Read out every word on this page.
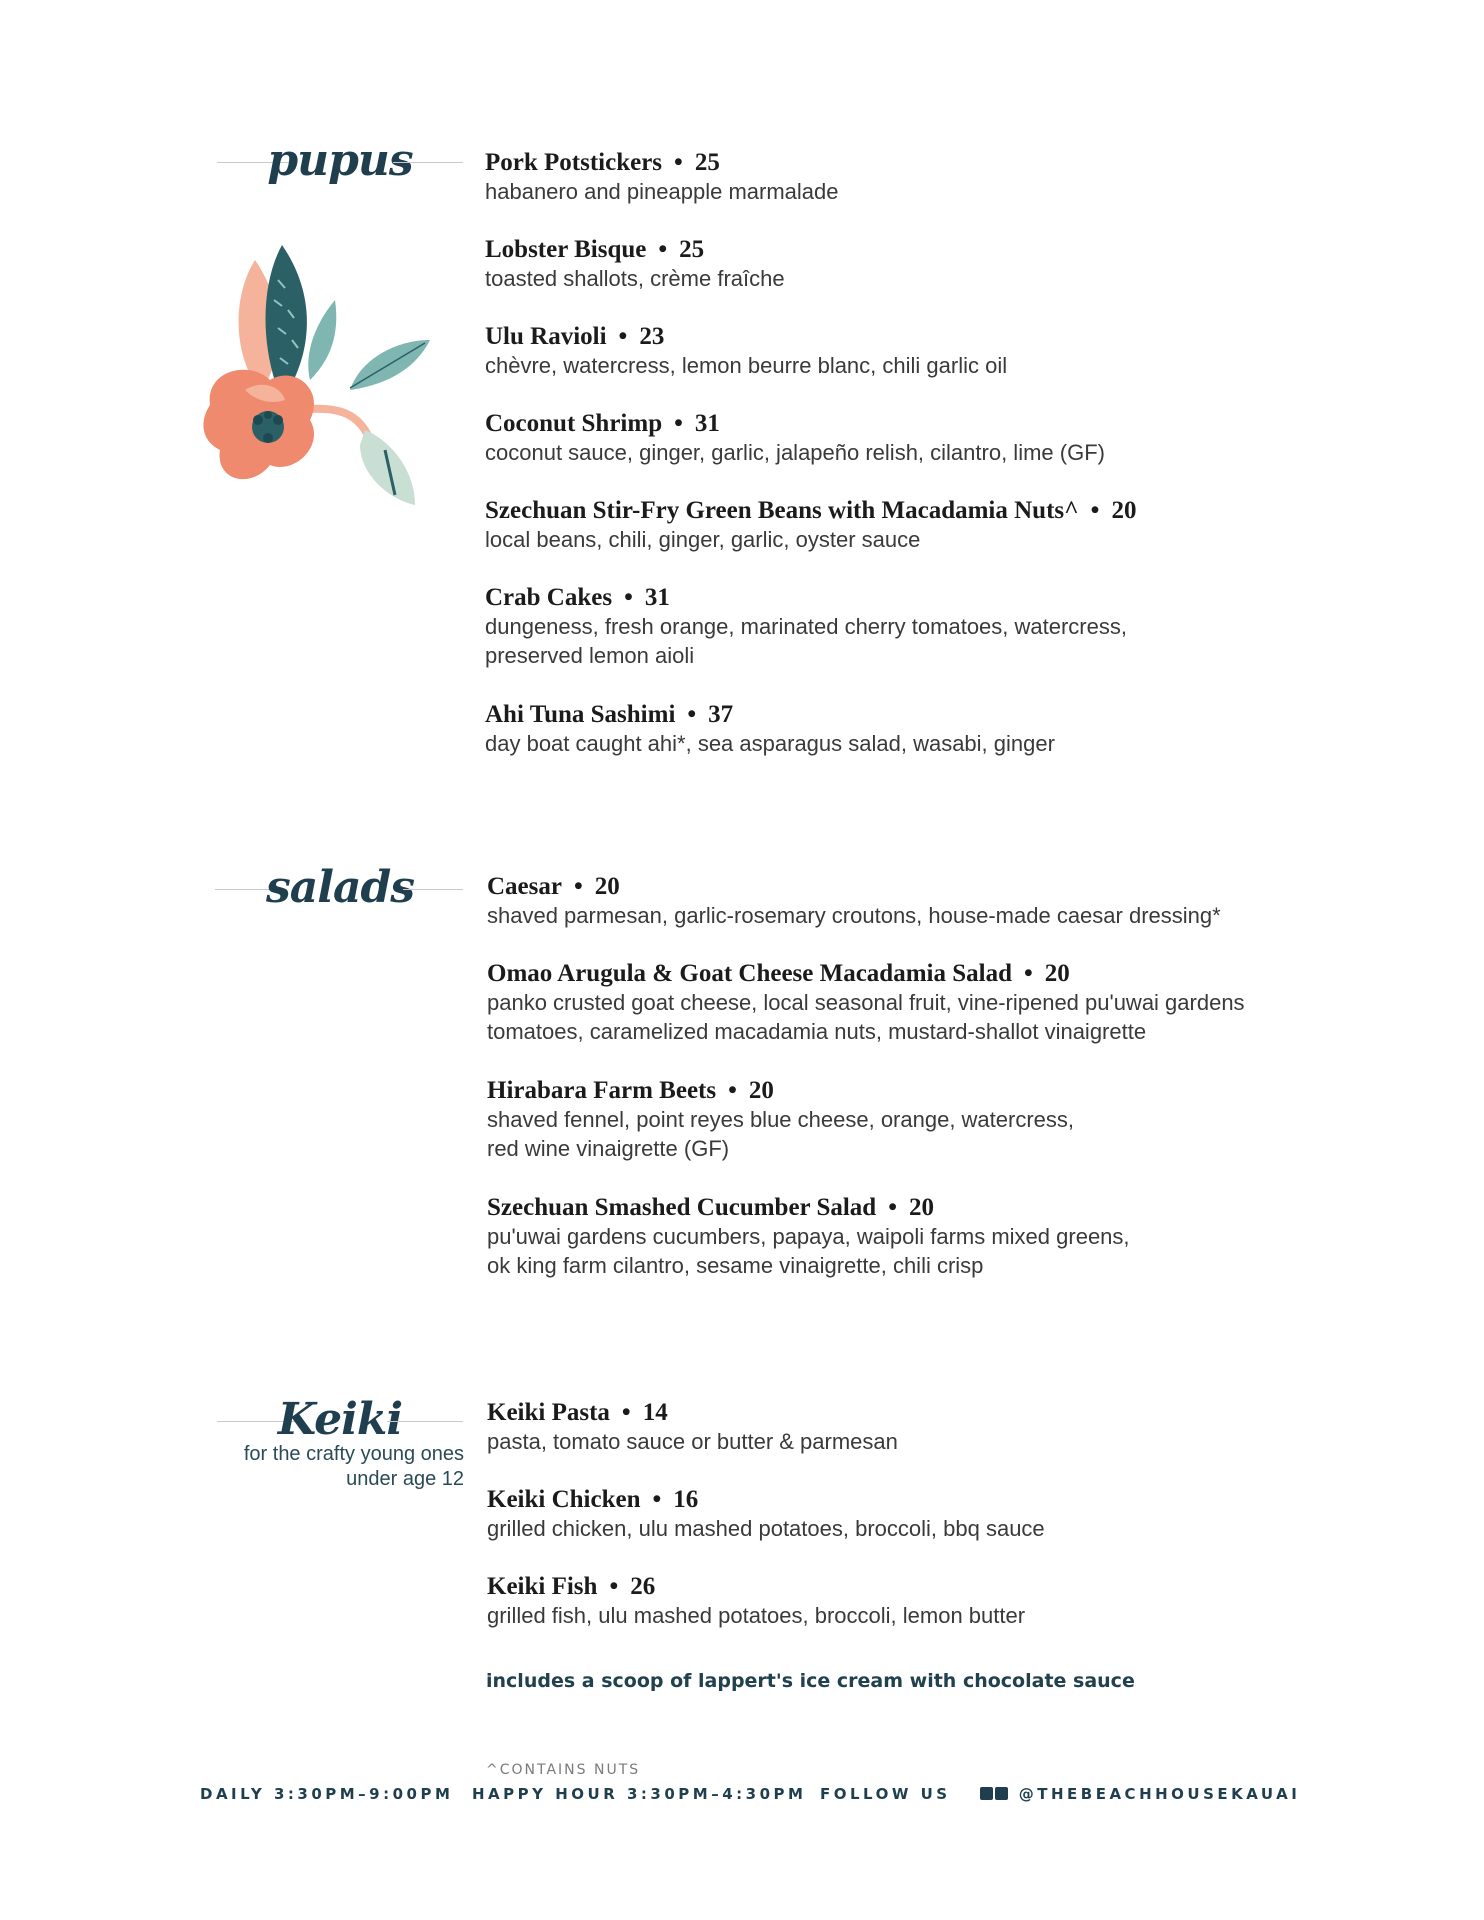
pupus	Pork Potstickers • 25
habanero and pineapple marmalade
Lobster Bisque • 25
toasted shallots, crème fraîche
Ulu Ravioli • 23
chèvre, watercress, lemon beurre blanc, chili garlic oil
Coconut Shrimp • 31
coconut sauce, ginger, garlic, jalapeño relish, cilantro, lime (GF)
Szechuan Stir-Fry Green Beans with Macadamia Nuts^ • 20
local beans, chili, ginger, garlic, oyster sauce
Crab Cakes • 31
dungeness, fresh orange, marinated cherry tomatoes, watercress,
preserved lemon aioli
Ahi Tuna Sashimi • 37
day boat caught ahi*, sea asparagus salad, wasabi, ginger
salads	Caesar • 20
shaved parmesan, garlic-rosemary croutons, house-made caesar dressing*
Omao Arugula & Goat Cheese Macadamia Salad • 20
panko crusted goat cheese, local seasonal fruit, vine-ripened pu'uwai gardens
tomatoes, caramelized macadamia nuts, mustard-shallot vinaigrette
Hirabara Farm Beets • 20
shaved fennel, point reyes blue cheese, orange, watercress,
red wine vinaigrette (GF)
Szechuan Smashed Cucumber Salad • 20
pu'uwai gardens cucumbers, papaya, waipoli farms mixed greens,
ok king farm cilantro, sesame vinaigrette, chili crisp
Keiki
for the crafty young ones
under age 12
Keiki Pasta • 14
pasta, tomato sauce or butter & parmesan
Keiki Chicken • 16
grilled chicken, ulu mashed potatoes, broccoli, bbq sauce
Keiki Fish • 26
grilled fish, ulu mashed potatoes, broccoli, lemon butter
includes a scoop of lappert's ice cream with chocolate sauce
^CONTAINS NUTS
DAILY 3:30PM–9:00PM HAPPY HOUR 3:30PM–4:30PM FOLLOW US	@THEBEACHHOUSEKAUAI
